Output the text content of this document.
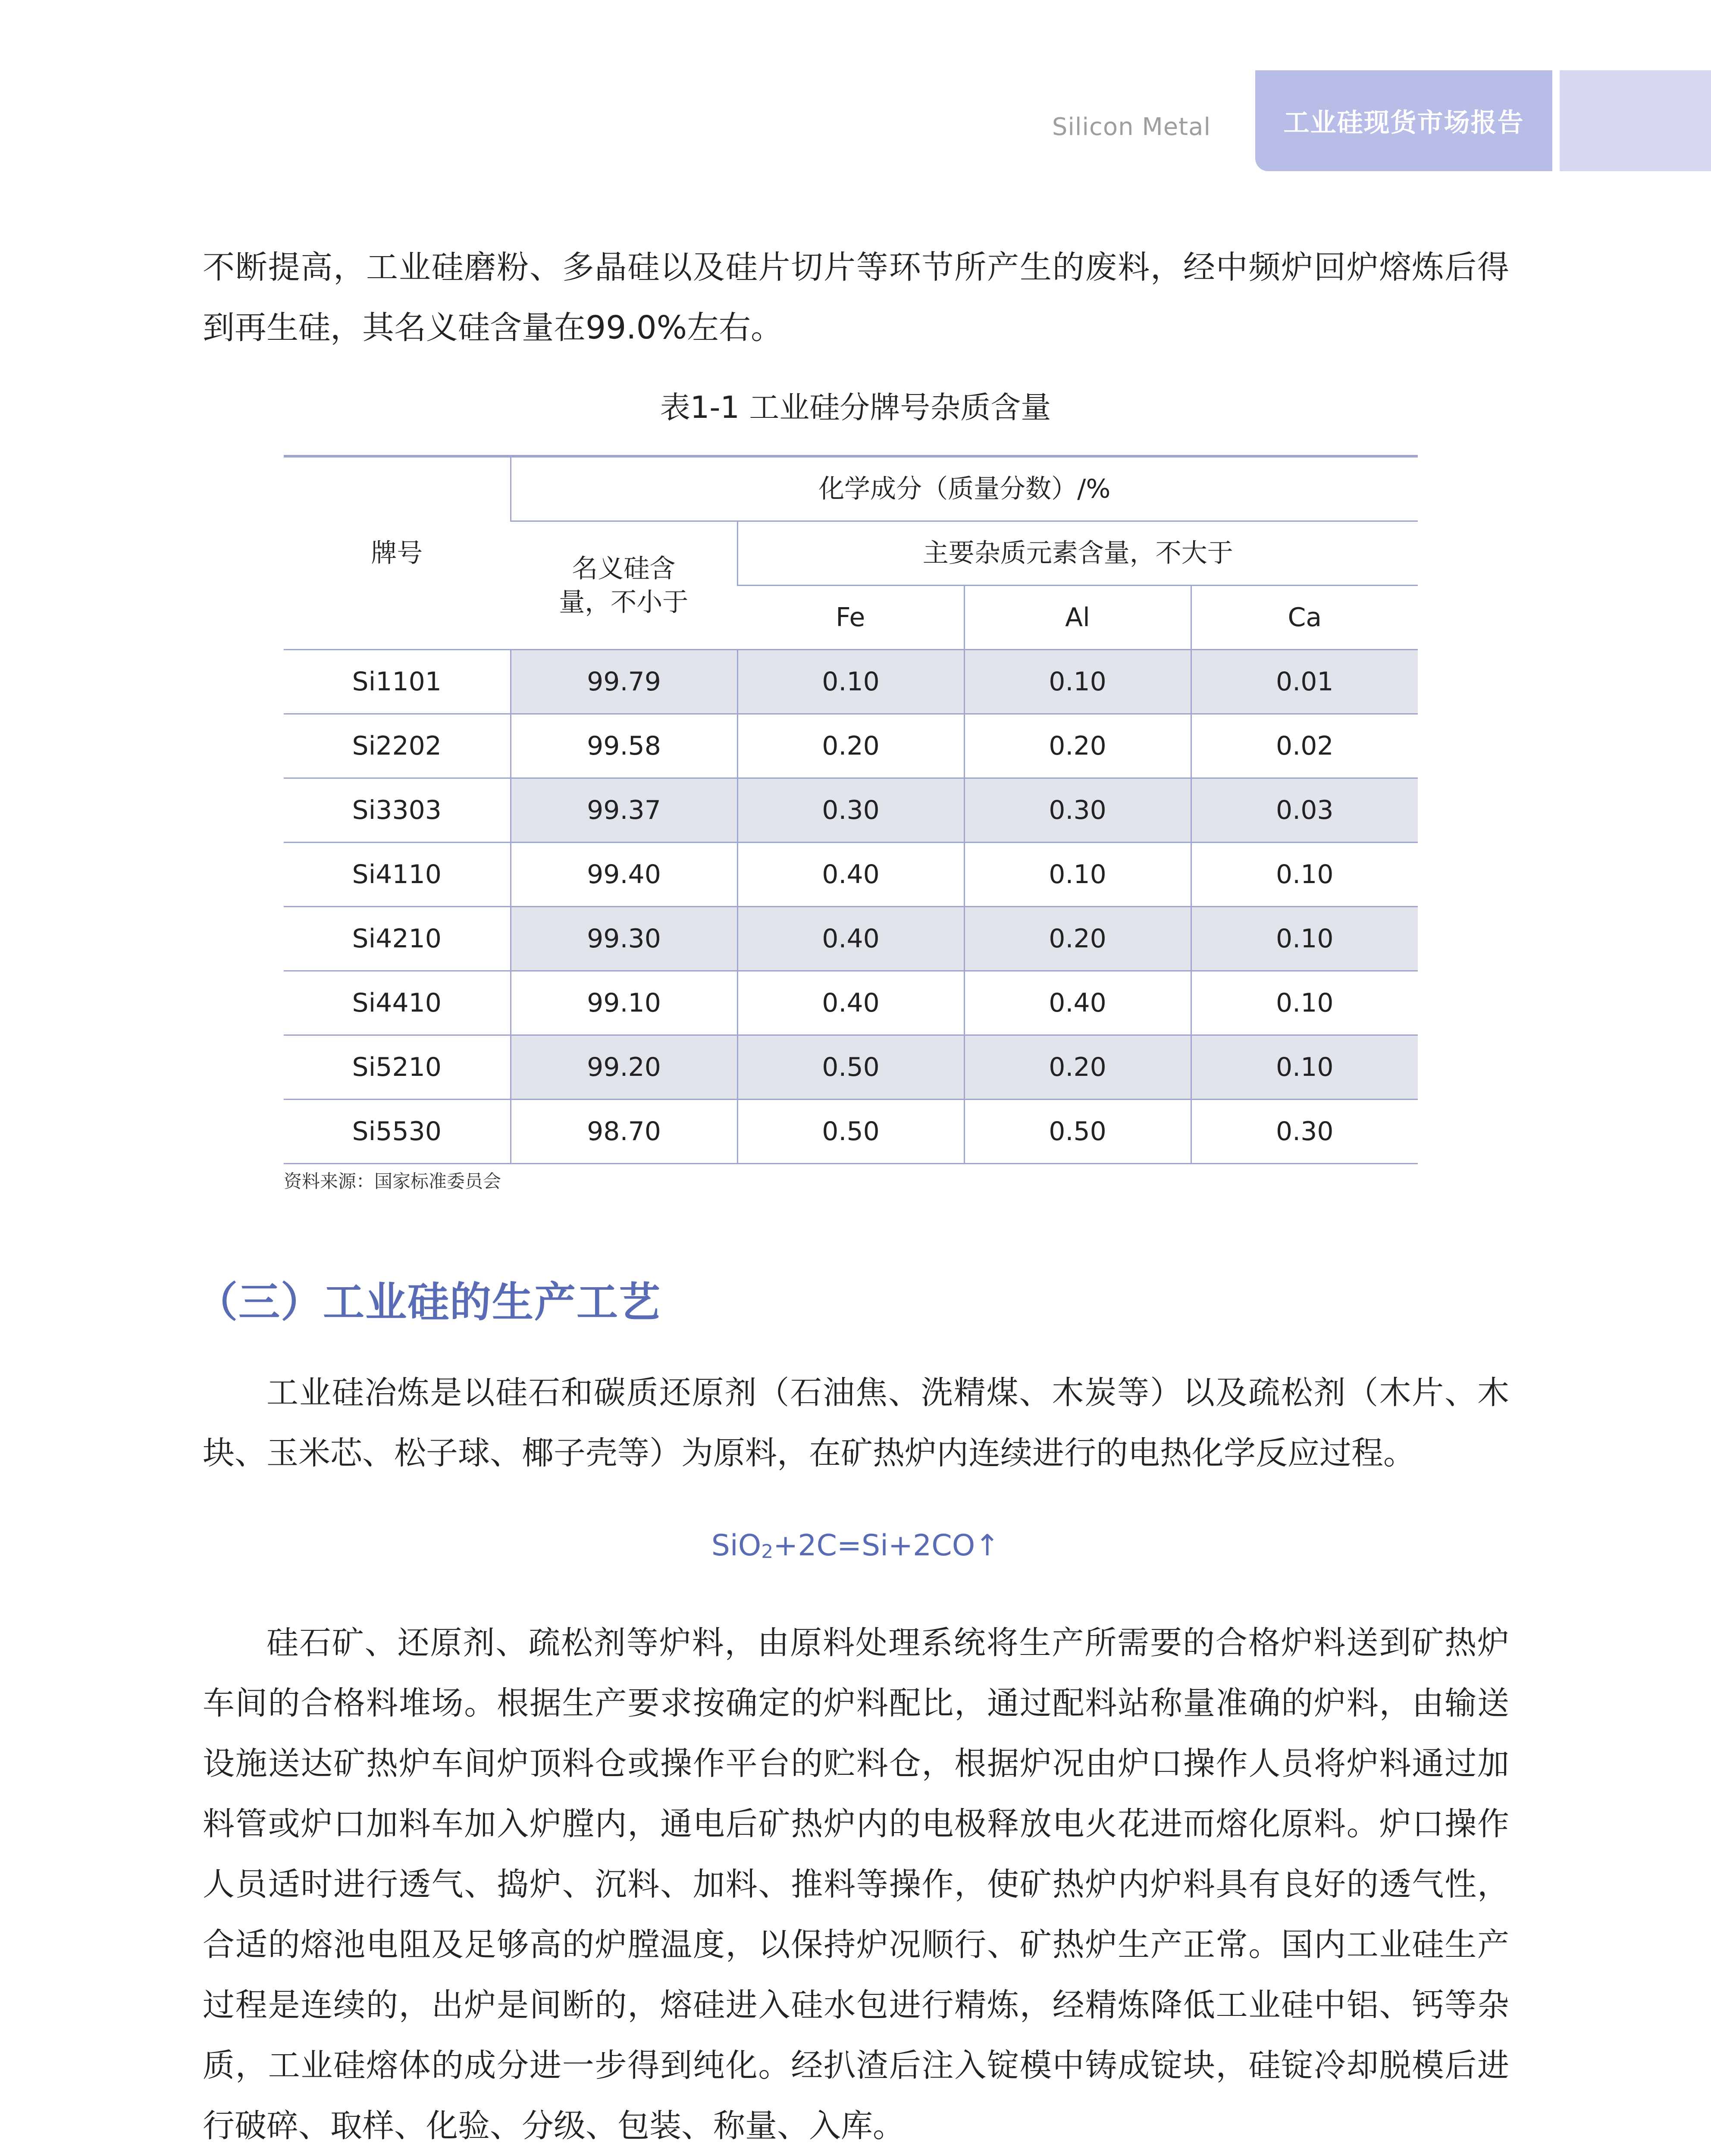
Silicon Metal	工业硅现货市场报告

不断提高，工业硅磨粉、多晶硅以及硅片切片等环节所产生的废料，经中频炉回炉熔炼后得到再生硅，其名义硅含量在99.0%左右。

表1-1 工业硅分牌号杂质含量
牌号	化学成分（质量分数）/%			

	名义硅含量，不小于	主要杂质元素含量，不大于		
		Fe	Al	Ca
Si1101	99.79	0.10	0.10	0.01
Si2202	99.58	0.20	0.20	0.02
Si3303	99.37	0.30	0.30	0.03
Si4110	99.40	0.40	0.10	0.10
Si4210	99.30	0.40	0.20	0.10
Si4410	99.10	0.40	0.40	0.10
Si5210	99.20	0.50	0.20	0.10
Si5530	98.70	0.50	0.50	0.30
资料来源：国家标准委员会
（三）工业硅的生产工艺

工业硅冶炼是以硅石和碳质还原剂（石油焦、洗精煤、木炭等）以及疏松剂（木片、木块、玉米芯、松子球、椰子壳等）为原料，在矿热炉内连续进行的电热化学反应过程。

SiO$_2$+2C=Si+2CO↑

硅石矿、还原剂、疏松剂等炉料，由原料处理系统将生产所需要的合格炉料送到矿热炉车间的合格料堆场。根据生产要求按确定的炉料配比，通过配料站称量准确的炉料，由输送设施送达矿热炉车间炉顶料仓或操作平台的贮料仓，根据炉况由炉口操作人员将炉料通过加料管或炉口加料车加入炉膛内，通电后矿热炉内的电极释放电火花进而熔化原料。炉口操作人员适时进行透气、捣炉、沉料、加料、推料等操作，使矿热炉内炉料具有良好的透气性，合适的熔池电阻及足够高的炉膛温度，以保持炉况顺行、矿热炉生产正常。国内工业硅生产过程是连续的，出炉是间断的，熔硅进入硅水包进行精炼，经精炼降低工业硅中铝、钙等杂质，工业硅熔体的成分进一步得到纯化。经扒渣后注入锭模中铸成锭块，硅锭冷却脱模后进行破碎、取样、化验、分级、包装、称量、入库。
